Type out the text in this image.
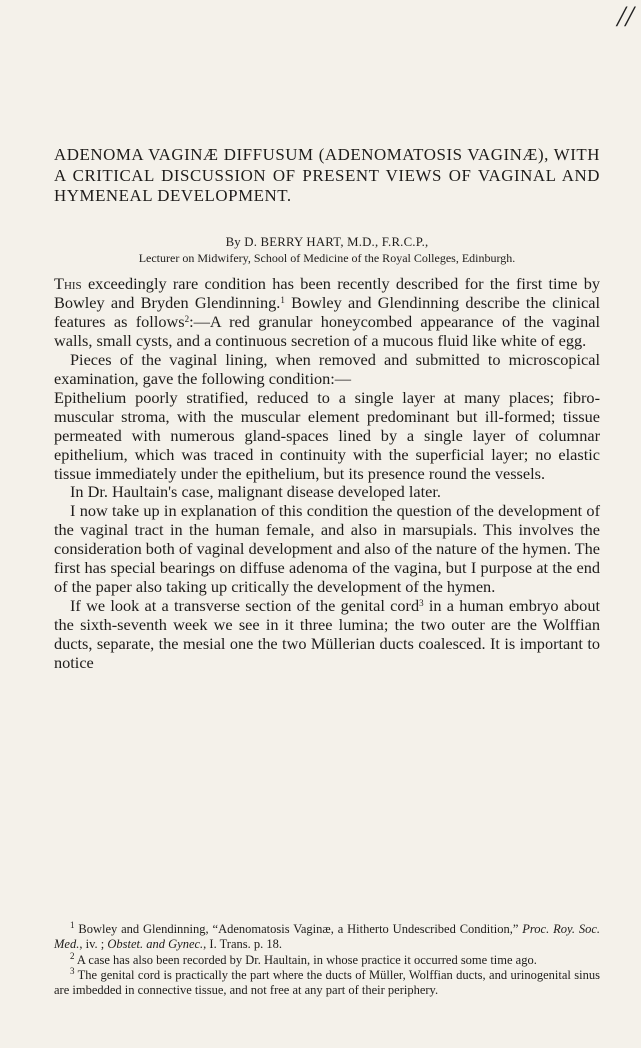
//
ADENOMA VAGINÆ DIFFUSUM (ADENOMATOSIS VAGINÆ), WITH A CRITICAL DISCUSSION OF PRESENT VIEWS OF VAGINAL AND HYMENEAL DEVELOPMENT.
By D. BERRY HART, M.D., F.R.C.P.,
Lecturer on Midwifery, School of Medicine of the Royal Colleges, Edinburgh.

This exceedingly rare condition has been recently described for the first time by Bowley and Bryden Glendinning.$^1$ Bowley and Glendinning describe the clinical features as follows$^2$:—A red granular honeycombed appearance of the vaginal walls, small cysts, and a continuous secretion of a mucous fluid like white of egg.

Pieces of the vaginal lining, when removed and submitted to microscopical examination, gave the following condition:—

Epithelium poorly stratified, reduced to a single layer at many places; fibro-muscular stroma, with the muscular element predominant but ill-formed; tissue permeated with numerous gland-spaces lined by a single layer of columnar epithelium, which was traced in continuity with the superficial layer; no elastic tissue immediately under the epithelium, but its presence round the vessels.

In Dr. Haultain's case, malignant disease developed later.

I now take up in explanation of this condition the question of the development of the vaginal tract in the human female, and also in marsupials. This involves the consideration both of vaginal development and also of the nature of the hymen. The first has special bearings on diffuse adenoma of the vagina, but I purpose at the end of the paper also taking up critically the development of the hymen.

If we look at a transverse section of the genital cord$^3$ in a human embryo about the sixth-seventh week we see in it three lumina; the two outer are the Wolffian ducts, separate, the mesial one the two Müllerian ducts coalesced. It is important to notice

$^1$ Bowley and Glendinning, “Adenomatosis Vaginæ, a Hitherto Undescribed Condition,” Proc. Roy. Soc. Med., iv. ; Obstet. and Gynec., I. Trans. p. 18.

$^2$ A case has also been recorded by Dr. Haultain, in whose practice it occurred some time ago.

$^3$ The genital cord is practically the part where the ducts of Müller, Wolffian ducts, and urinogenital sinus are imbedded in connective tissue, and not free at any part of their periphery.
